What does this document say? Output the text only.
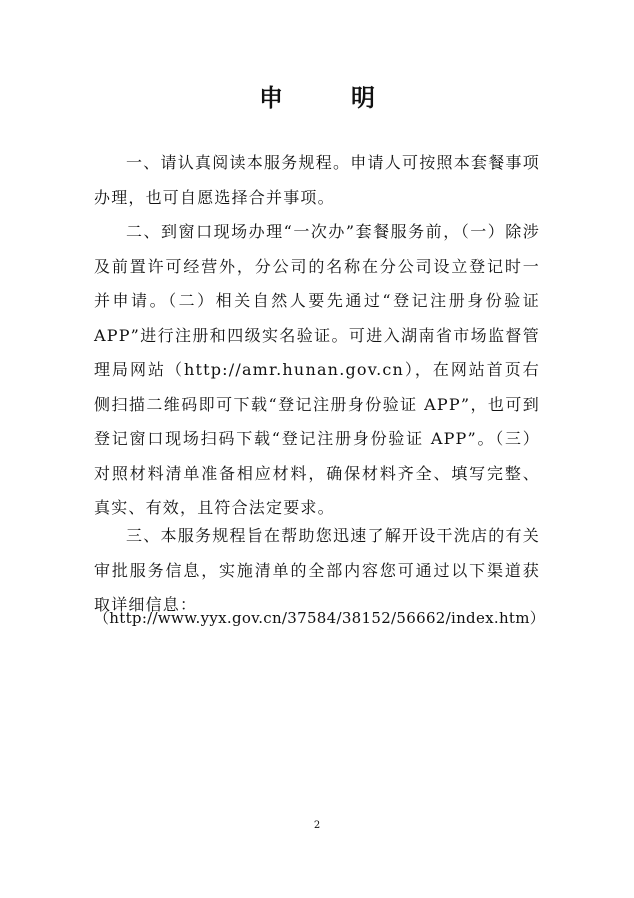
申　明

一、请认真阅读本服务规程。申请人可按照本套餐事项办理，也可自愿选择合并事项。

二、到窗口现场办理“一次办”套餐服务前，（一）除涉及前置许可经营外，分公司的名称在分公司设立登记时一并申请。（二）相关自然人要先通过“登记注册身份验证 APP”进行注册和四级实名验证。可进入湖南省市场监督管理局网站（http://amr.hunan.gov.cn），在网站首页右侧扫描二维码即可下载“登记注册身份验证 APP”，也可到登记窗口现场扫码下载“登记注册身份验证 APP”。（三）对照材料清单准备相应材料，确保材料齐全、填写完整、真实、有效，且符合法定要求。

三、本服务规程旨在帮助您迅速了解开设干洗店的有关审批服务信息，实施清单的全部内容您可通过以下渠道获取详细信息：

（http://www.yyx.gov.cn/37584/38152/56662/index.htm）
2
